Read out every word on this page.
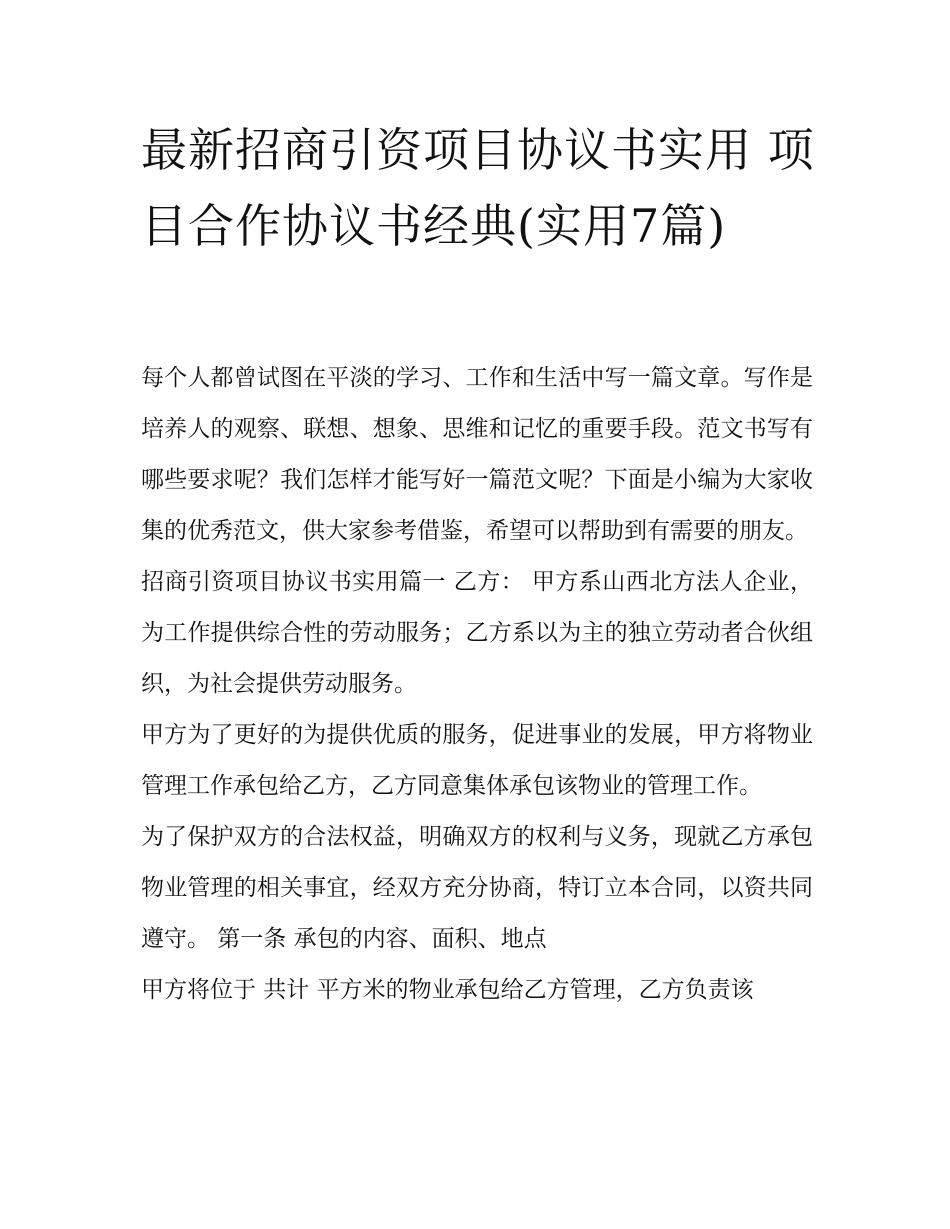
最新招商引资项目协议书实用 项目合作协议书经典(实用7篇)

每个人都曾试图在平淡的学习、工作和生活中写一篇文章。写作是培养人的观察、联想、想象、思维和记忆的重要手段。范文书写有哪些要求呢？我们怎样才能写好一篇范文呢？下面是小编为大家收集的优秀范文，供大家参考借鉴，希望可以帮助到有需要的朋友。

招商引资项目协议书实用篇一 乙方： 甲方系山西北方法人企业，为工作提供综合性的劳动服务；乙方系以为主的独立劳动者合伙组织，为社会提供劳动服务。

甲方为了更好的为提供优质的服务，促进事业的发展，甲方将物业管理工作承包给乙方，乙方同意集体承包该物业的管理工作。

为了保护双方的合法权益，明确双方的权利与义务，现就乙方承包物业管理的相关事宜，经双方充分协商，特订立本合同，以资共同遵守。 第一条 承包的内容、面积、地点

甲方将位于 共计 平方米的物业承包给乙方管理，乙方负责该
